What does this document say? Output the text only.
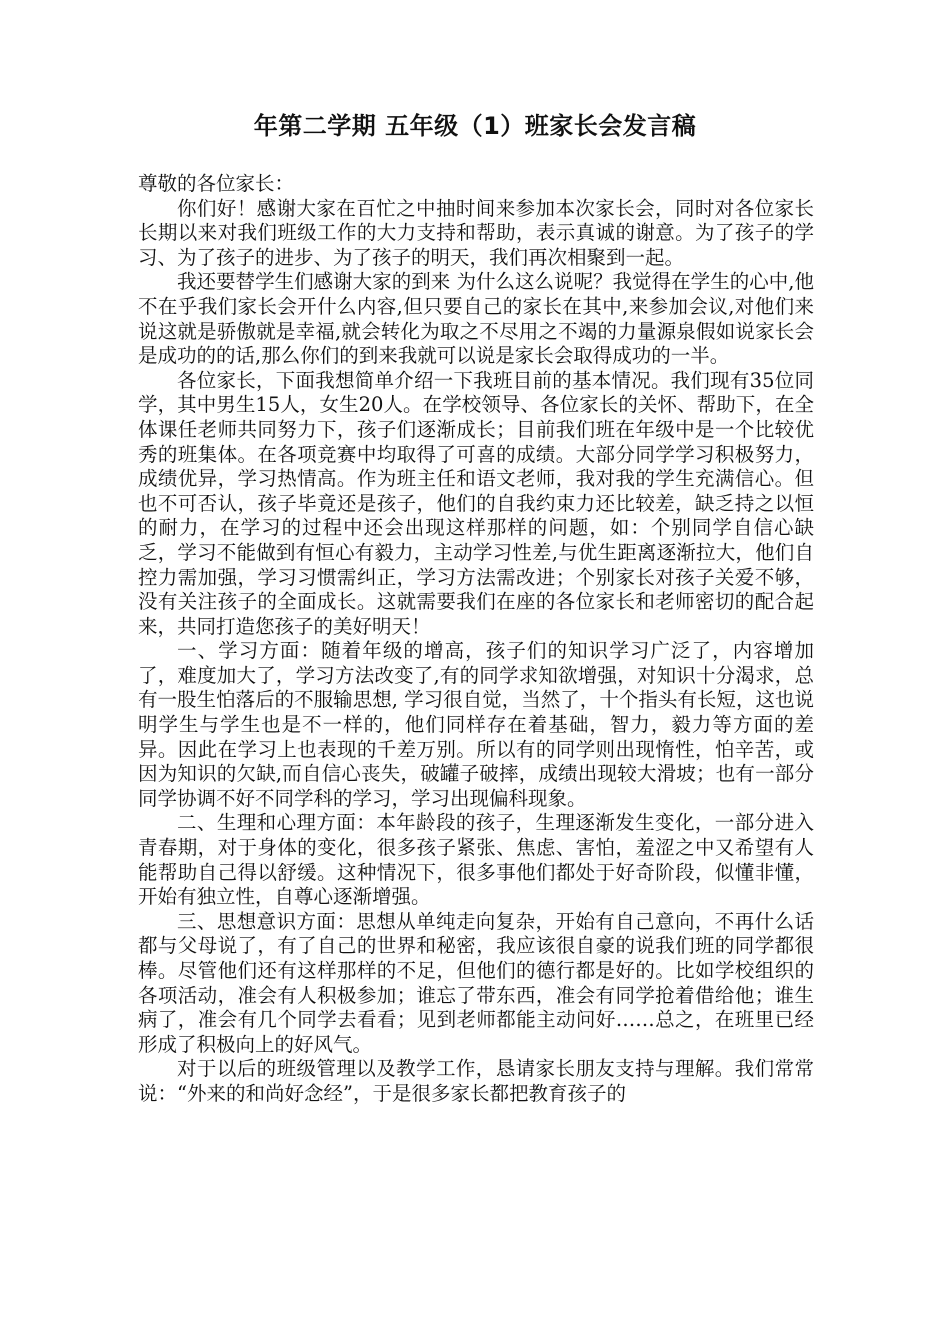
年第二学期 五年级（1）班家长会发言稿

尊敬的各位家长：

你们好！感谢大家在百忙之中抽时间来参加本次家长会，同时对各位家长长期以来对我们班级工作的大力支持和帮助，表示真诚的谢意。为了孩子的学习、为了孩子的进步、为了孩子的明天，我们再次相聚到一起。

我还要替学生们感谢大家的到来 为什么这么说呢？我觉得在学生的心中,他不在乎我们家长会开什么内容,但只要自己的家长在其中,来参加会议,对他们来说这就是骄傲就是幸福,就会转化为取之不尽用之不竭的力量源泉假如说家长会是成功的的话,那么你们的到来我就可以说是家长会取得成功的一半。

各位家长，下面我想简单介绍一下我班目前的基本情况。我们现有35位同学，其中男生15人，女生20人。在学校领导、各位家长的关怀、帮助下，在全体课任老师共同努力下，孩子们逐渐成长；目前我们班在年级中是一个比较优秀的班集体。在各项竞赛中均取得了可喜的成绩。大部分同学学习积极努力，成绩优异，学习热情高。作为班主任和语文老师，我对我的学生充满信心。但也不可否认，孩子毕竟还是孩子，他们的自我约束力还比较差，缺乏持之以恒的耐力，在学习的过程中还会出现这样那样的问题，如：个别同学自信心缺乏，学习不能做到有恒心有毅力，主动学习性差,与优生距离逐渐拉大，他们自控力需加强，学习习惯需纠正，学习方法需改进；个别家长对孩子关爱不够，没有关注孩子的全面成长。这就需要我们在座的各位家长和老师密切的配合起来，共同打造您孩子的美好明天！

一、学习方面：随着年级的增高，孩子们的知识学习广泛了，内容增加了，难度加大了，学习方法改变了,有的同学求知欲增强，对知识十分渴求，总有一股生怕落后的不服输思想, 学习很自觉，当然了，十个指头有长短，这也说明学生与学生也是不一样的，他们同样存在着基础，智力，毅力等方面的差异。因此在学习上也表现的千差万别。所以有的同学则出现惰性，怕辛苦，或因为知识的欠缺,而自信心丧失，破罐子破摔，成绩出现较大滑坡；也有一部分同学协调不好不同学科的学习，学习出现偏科现象。

二、生理和心理方面：本年龄段的孩子，生理逐渐发生变化，一部分进入青春期，对于身体的变化，很多孩子紧张、焦虑、害怕，羞涩之中又希望有人能帮助自己得以舒缓。这种情况下，很多事他们都处于好奇阶段，似懂非懂，开始有独立性，自尊心逐渐增强。

三、思想意识方面：思想从单纯走向复杂，开始有自己意向，不再什么话都与父母说了，有了自己的世界和秘密，我应该很自豪的说我们班的同学都很棒。尽管他们还有这样那样的不足，但他们的德行都是好的。比如学校组织的各项活动，准会有人积极参加；谁忘了带东西，准会有同学抢着借给他；谁生病了，准会有几个同学去看看；见到老师都能主动问好……总之，在班里已经形成了积极向上的好风气。

对于以后的班级管理以及教学工作，恳请家长朋友支持与理解。我们常常说：“外来的和尚好念经”，于是很多家长都把教育孩子的
